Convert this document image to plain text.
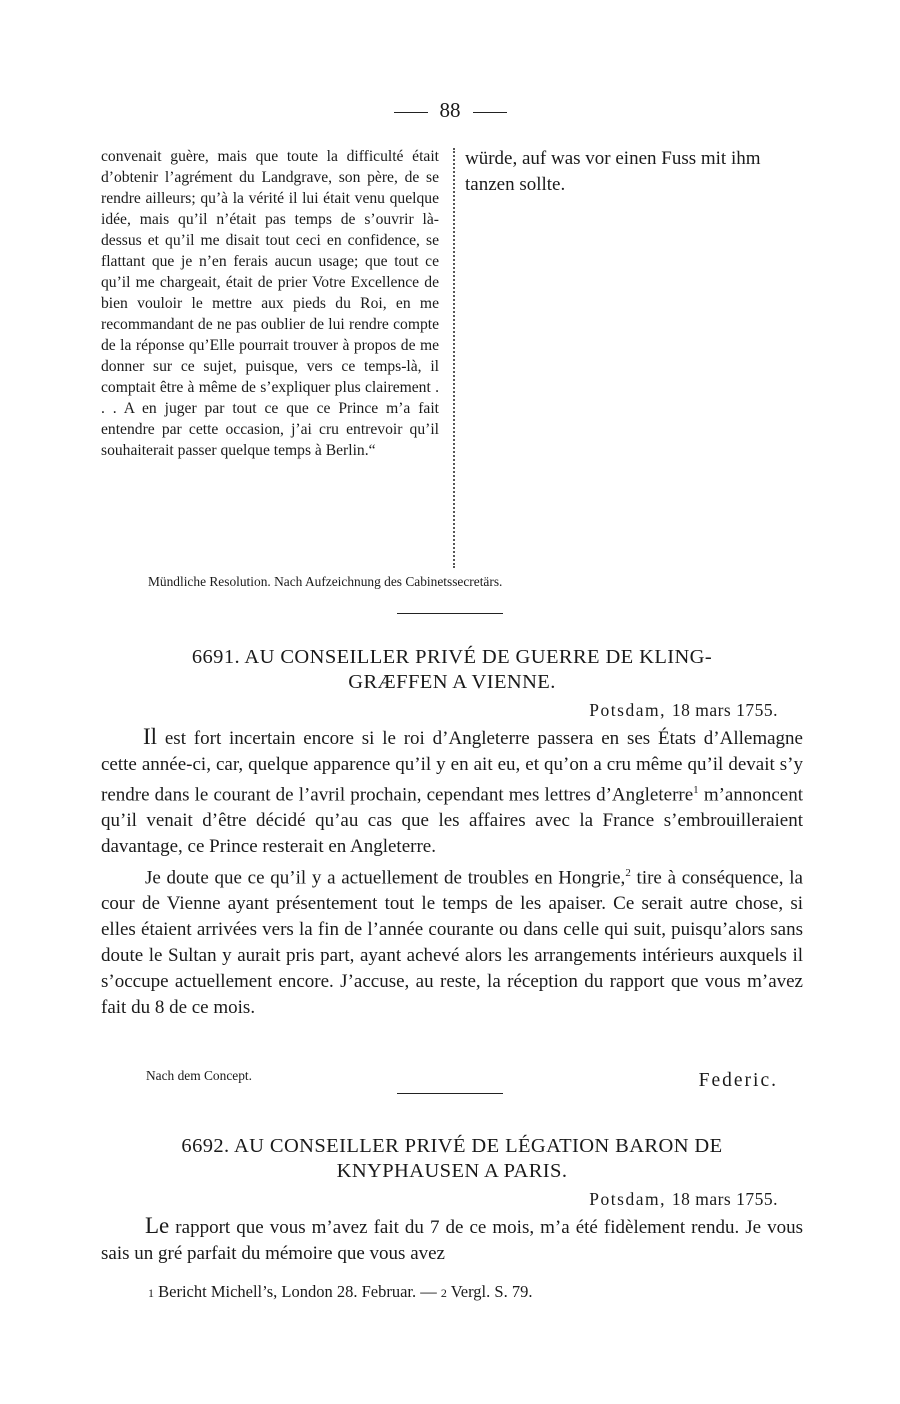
88

convenait guère, mais que toute la difficulté était d’obtenir l’agrément du Landgrave, son père, de se rendre ailleurs; qu’à la vérité il lui était venu quelque idée, mais qu’il n’était pas temps de s’ouvrir là-dessus et qu’il me disait tout ceci en confidence, se flattant que je n’en ferais aucun usage; que tout ce qu’il me chargeait, était de prier Votre Excellence de bien vouloir le mettre aux pieds du Roi, en me recommandant de ne pas oublier de lui rendre compte de la réponse qu’Elle pourrait trouver à propos de me donner sur ce sujet, puisque, vers ce temps-là, il comptait être à même de s’expliquer plus clairement . . . A en juger par tout ce que ce Prince m’a fait entendre par cette occasion, j’ai cru entrevoir qu’il souhaiterait passer quelque temps à Berlin.“

würde, auf was vor einen Fuss mit ihm tanzen sollte.

Mündliche Resolution. Nach Aufzeichnung des Cabinetssecretärs.
6691. AU CONSEILLER PRIVÉ DE GUERRE DE KLING-
GRÆFFEN A VIENNE.
Potsdam, 18 mars 1755.

Il est fort incertain encore si le roi d’Angleterre passera en ses États d’Allemagne cette année-ci, car, quelque apparence qu’il y en ait eu, et qu’on a cru même qu’il devait s’y rendre dans le courant de l’avril prochain, cependant mes lettres d’Angleterre$^1$ m’annoncent qu’il venait d’être décidé qu’au cas que les affaires avec la France s’embrouilleraient davantage, ce Prince resterait en Angleterre.

Je doute que ce qu’il y a actuellement de troubles en Hongrie,$^2$ tire à conséquence, la cour de Vienne ayant présentement tout le temps de les apaiser. Ce serait autre chose, si elles étaient arrivées vers la fin de l’année courante ou dans celle qui suit, puisqu’alors sans doute le Sultan y aurait pris part, ayant achevé alors les arrangements intérieurs auxquels il s’occupe actuellement encore. J’accuse, au reste, la réception du rapport que vous m’avez fait du 8 de ce mois.

Nach dem Concept.	Federic.
6692. AU CONSEILLER PRIVÉ DE LÉGATION BARON DE
KNYPHAUSEN A PARIS.
Potsdam, 18 mars 1755.

Le rapport que vous m’avez fait du 7 de ce mois, m’a été fidèlement rendu. Je vous sais un gré parfait du mémoire que vous avez

1 Bericht Michell’s, London 28. Februar. — 2 Vergl. S. 79.
